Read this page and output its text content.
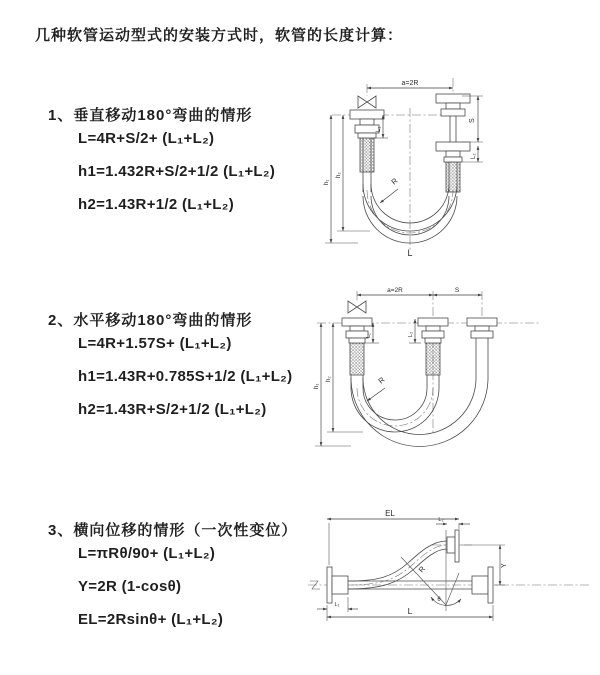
几种软管运动型式的安装方式时，软管的长度计算：
1、垂直移动180°弯曲的情形
L=4R+S/2+ (L₁+L₂)
h1=1.432R+S/2+1/2 (L₁+L₂)
h2=1.43R+1/2 (L₁+L₂)
2、水平移动180°弯曲的情形
L=4R+1.57S+ (L₁+L₂)
h1=1.43R+0.785S+1/2 (L₁+L₂)
h2=1.43R+S/2+1/2 (L₁+L₂)
3、横向位移的情形（一次性变位）
L=πRθ/90+ (L₁+L₂)
Y=2R (1-cosθ)
EL=2Rsinθ+ (L₁+L₂)
a=2R
S
L₂
L₁
h₂
h₁	R
L
a=2R	S
L₁	L₂
h₂
h₁
R
θ
R
EL
L₂
Y
L
L₁
